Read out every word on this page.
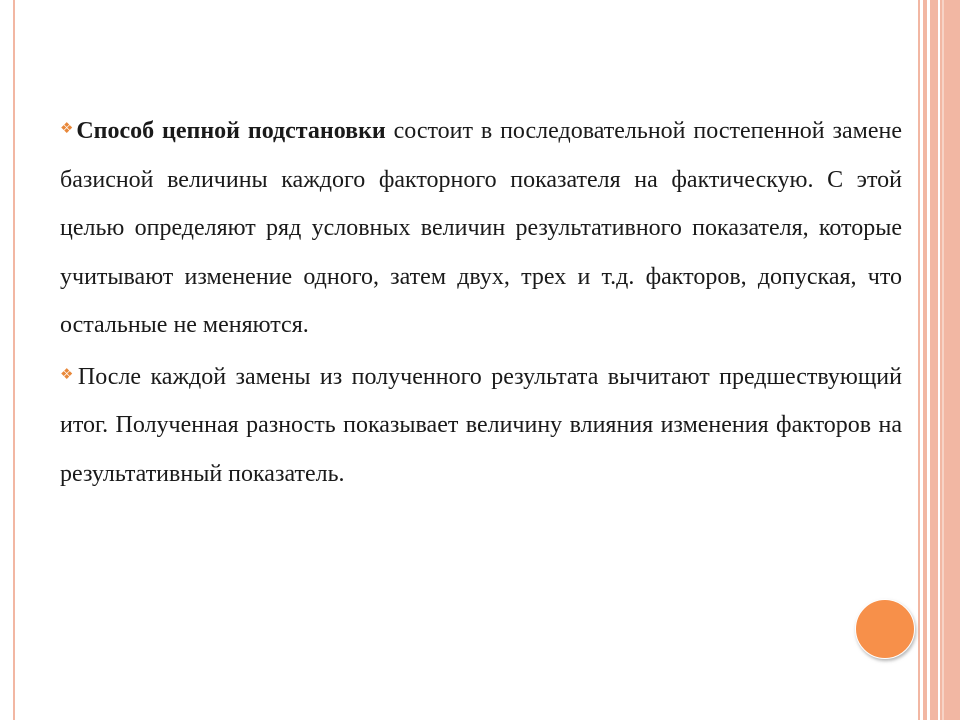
❖Способ цепной подстановки состоит в последовательной постепенной замене базисной величины каждого факторного показателя на фактическую. С этой целью определяют ряд условных величин результативного показателя, которые учитывают изменение одного, затем двух, трех и т.д. факторов, допуская, что остальные не меняются.

❖После каждой замены из полученного результата вычитают предшествующий итог. Полученная разность показывает величину влияния изменения факторов на результативный показатель.
